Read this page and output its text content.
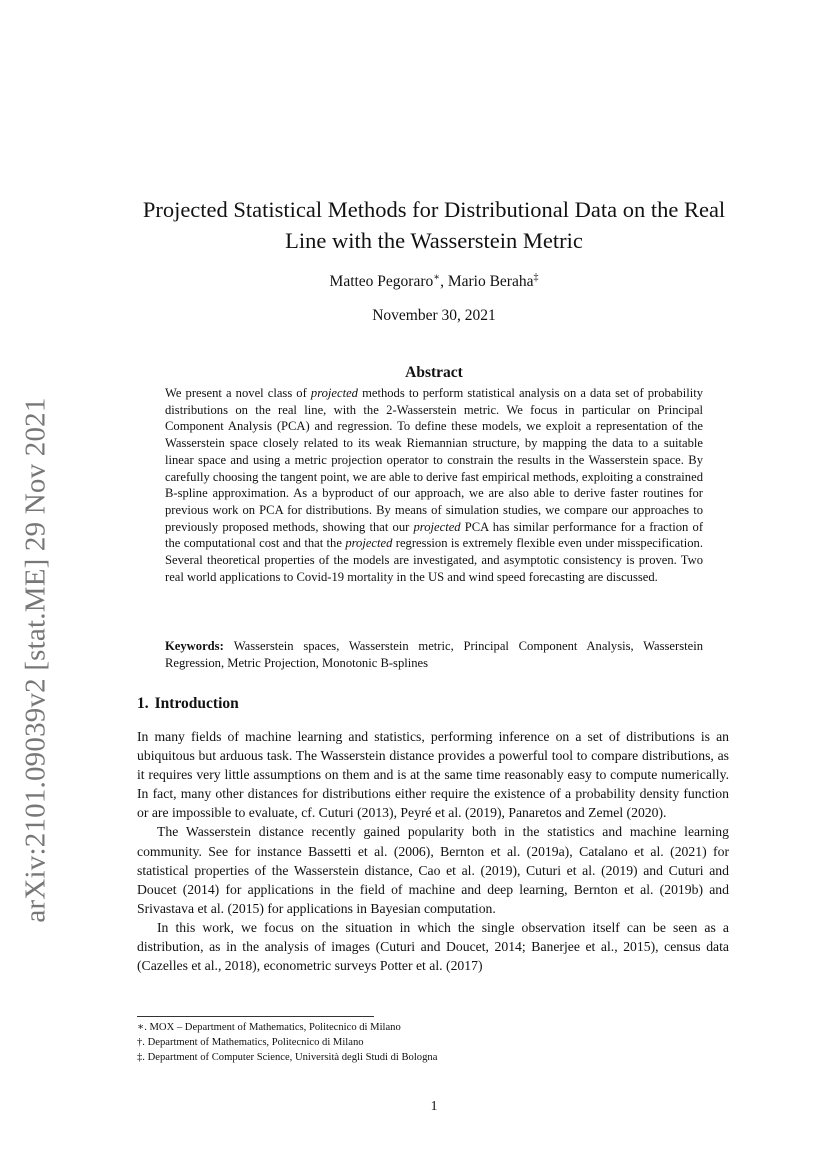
arXiv:2101.09039v2 [stat.ME] 29 Nov 2021
Projected Statistical Methods for Distributional Data on the Real Line with the Wasserstein Metric
Matteo Pegoraro∗, Mario Beraha‡
November 30, 2021
Abstract

We present a novel class of projected methods to perform statistical analysis on a data set of probability distributions on the real line, with the 2-Wasserstein metric. We focus in particular on Principal Component Analysis (PCA) and regression. To define these models, we exploit a representation of the Wasserstein space closely related to its weak Riemannian structure, by mapping the data to a suitable linear space and using a metric projection operator to constrain the results in the Wasserstein space. By carefully choosing the tangent point, we are able to derive fast empirical methods, exploiting a constrained B-spline approximation. As a byproduct of our approach, we are also able to derive faster routines for previous work on PCA for distributions. By means of simulation studies, we compare our approaches to previously proposed methods, showing that our projected PCA has similar performance for a fraction of the computational cost and that the projected regression is extremely flexible even under misspecification. Several theoretical properties of the models are investigated, and asymptotic consistency is proven. Two real world applications to Covid-19 mortality in the US and wind speed forecasting are discussed.

Keywords: Wasserstein spaces, Wasserstein metric, Principal Component Analysis, Wasserstein Regression, Metric Projection, Monotonic B-splines
1. Introduction

In many fields of machine learning and statistics, performing inference on a set of distributions is an ubiquitous but arduous task. The Wasserstein distance provides a powerful tool to compare distributions, as it requires very little assumptions on them and is at the same time reasonably easy to compute numerically. In fact, many other distances for distributions either require the existence of a probability density function or are impossible to evaluate, cf. Cuturi (2013), Peyré et al. (2019), Panaretos and Zemel (2020).

The Wasserstein distance recently gained popularity both in the statistics and machine learning community. See for instance Bassetti et al. (2006), Bernton et al. (2019a), Catalano et al. (2021) for statistical properties of the Wasserstein distance, Cao et al. (2019), Cuturi et al. (2019) and Cuturi and Doucet (2014) for applications in the field of machine and deep learning, Bernton et al. (2019b) and Srivastava et al. (2015) for applications in Bayesian computation.

In this work, we focus on the situation in which the single observation itself can be seen as a distribution, as in the analysis of images (Cuturi and Doucet, 2014; Banerjee et al., 2015), census data (Cazelles et al., 2018), econometric surveys Potter et al. (2017)

∗. MOX – Department of Mathematics, Politecnico di Milano
†. Department of Mathematics, Politecnico di Milano
‡. Department of Computer Science, Università degli Studi di Bologna
1
